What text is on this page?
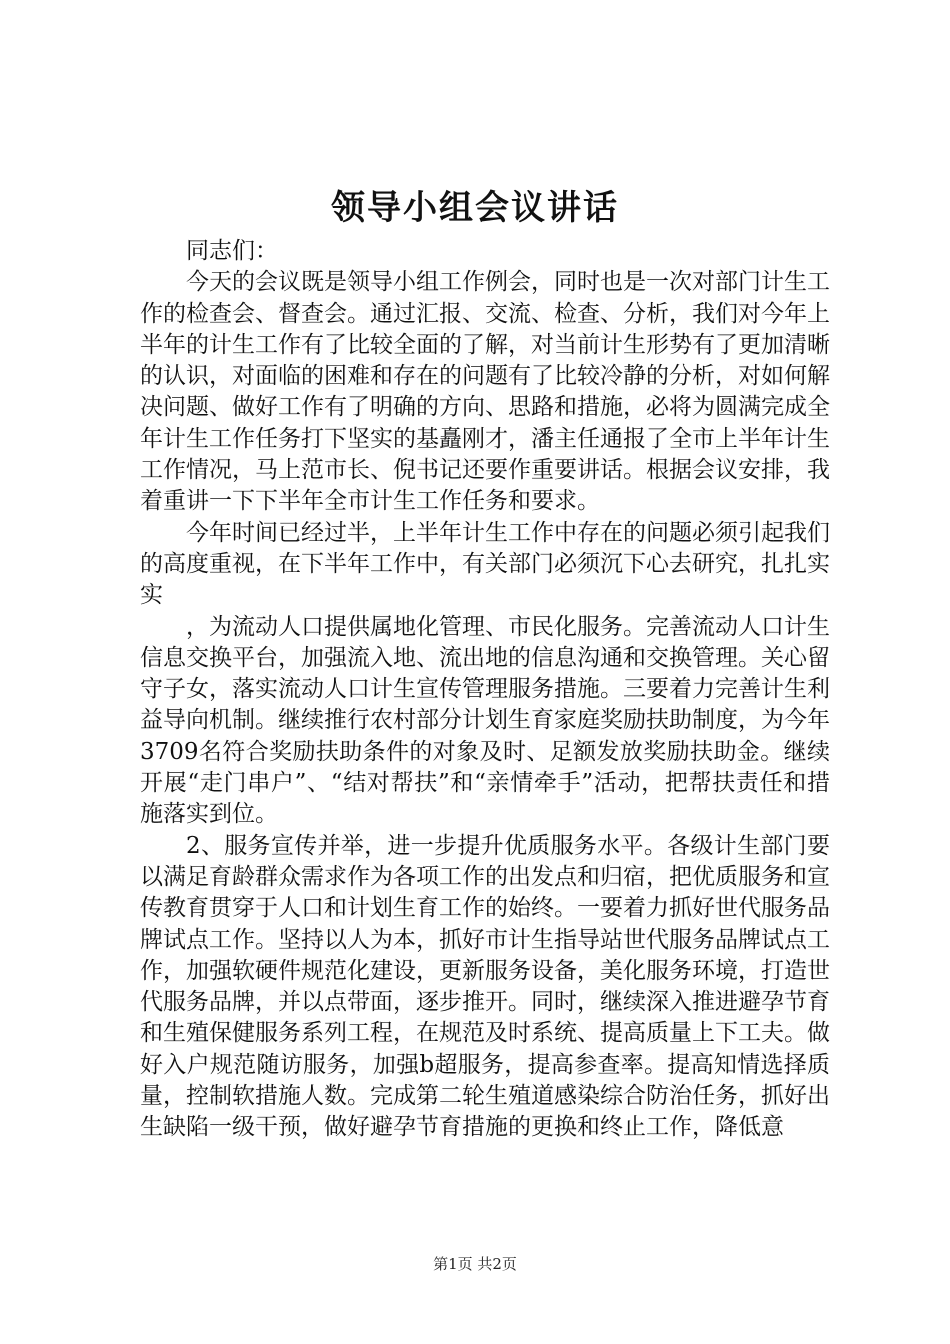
领导小组会议讲话

同志们：

今天的会议既是领导小组工作例会，同时也是一次对部门计生工作的检查会、督查会。通过汇报、交流、检查、分析，我们对今年上半年的计生工作有了比较全面的了解，对当前计生形势有了更加清晰的认识，对面临的困难和存在的问题有了比较冷静的分析，对如何解决问题、做好工作有了明确的方向、思路和措施，必将为圆满完成全年计生工作任务打下坚实的基矗刚才，潘主任通报了全市上半年计生工作情况，马上范市长、倪书记还要作重要讲话。根据会议安排，我着重讲一下下半年全市计生工作任务和要求。

今年时间已经过半，上半年计生工作中存在的问题必须引起我们的高度重视，在下半年工作中，有关部门必须沉下心去研究，扎扎实实

，为流动人口提供属地化管理、市民化服务。完善流动人口计生信息交换平台，加强流入地、流出地的信息沟通和交换管理。关心留守子女，落实流动人口计生宣传管理服务措施。三要着力完善计生利益导向机制。继续推行农村部分计划生育家庭奖励扶助制度，为今年3709名符合奖励扶助条件的对象及时、足额发放奖励扶助金。继续开展“走门串户”、“结对帮扶”和“亲情牵手”活动，把帮扶责任和措施落实到位。

2、服务宣传并举，进一步提升优质服务水平。各级计生部门要以满足育龄群众需求作为各项工作的出发点和归宿，把优质服务和宣传教育贯穿于人口和计划生育工作的始终。一要着力抓好世代服务品牌试点工作。坚持以人为本，抓好市计生指导站世代服务品牌试点工作，加强软硬件规范化建设，更新服务设备，美化服务环境，打造世代服务品牌，并以点带面，逐步推开。同时，继续深入推进避孕节育和生殖保健服务系列工程，在规范及时系统、提高质量上下工夫。做好入户规范随访服务，加强b超服务，提高参查率。提高知情选择质量，控制软措施人数。完成第二轮生殖道感染综合防治任务，抓好出生缺陷一级干预，做好避孕节育措施的更换和终止工作，降低意

第1页 共2页
